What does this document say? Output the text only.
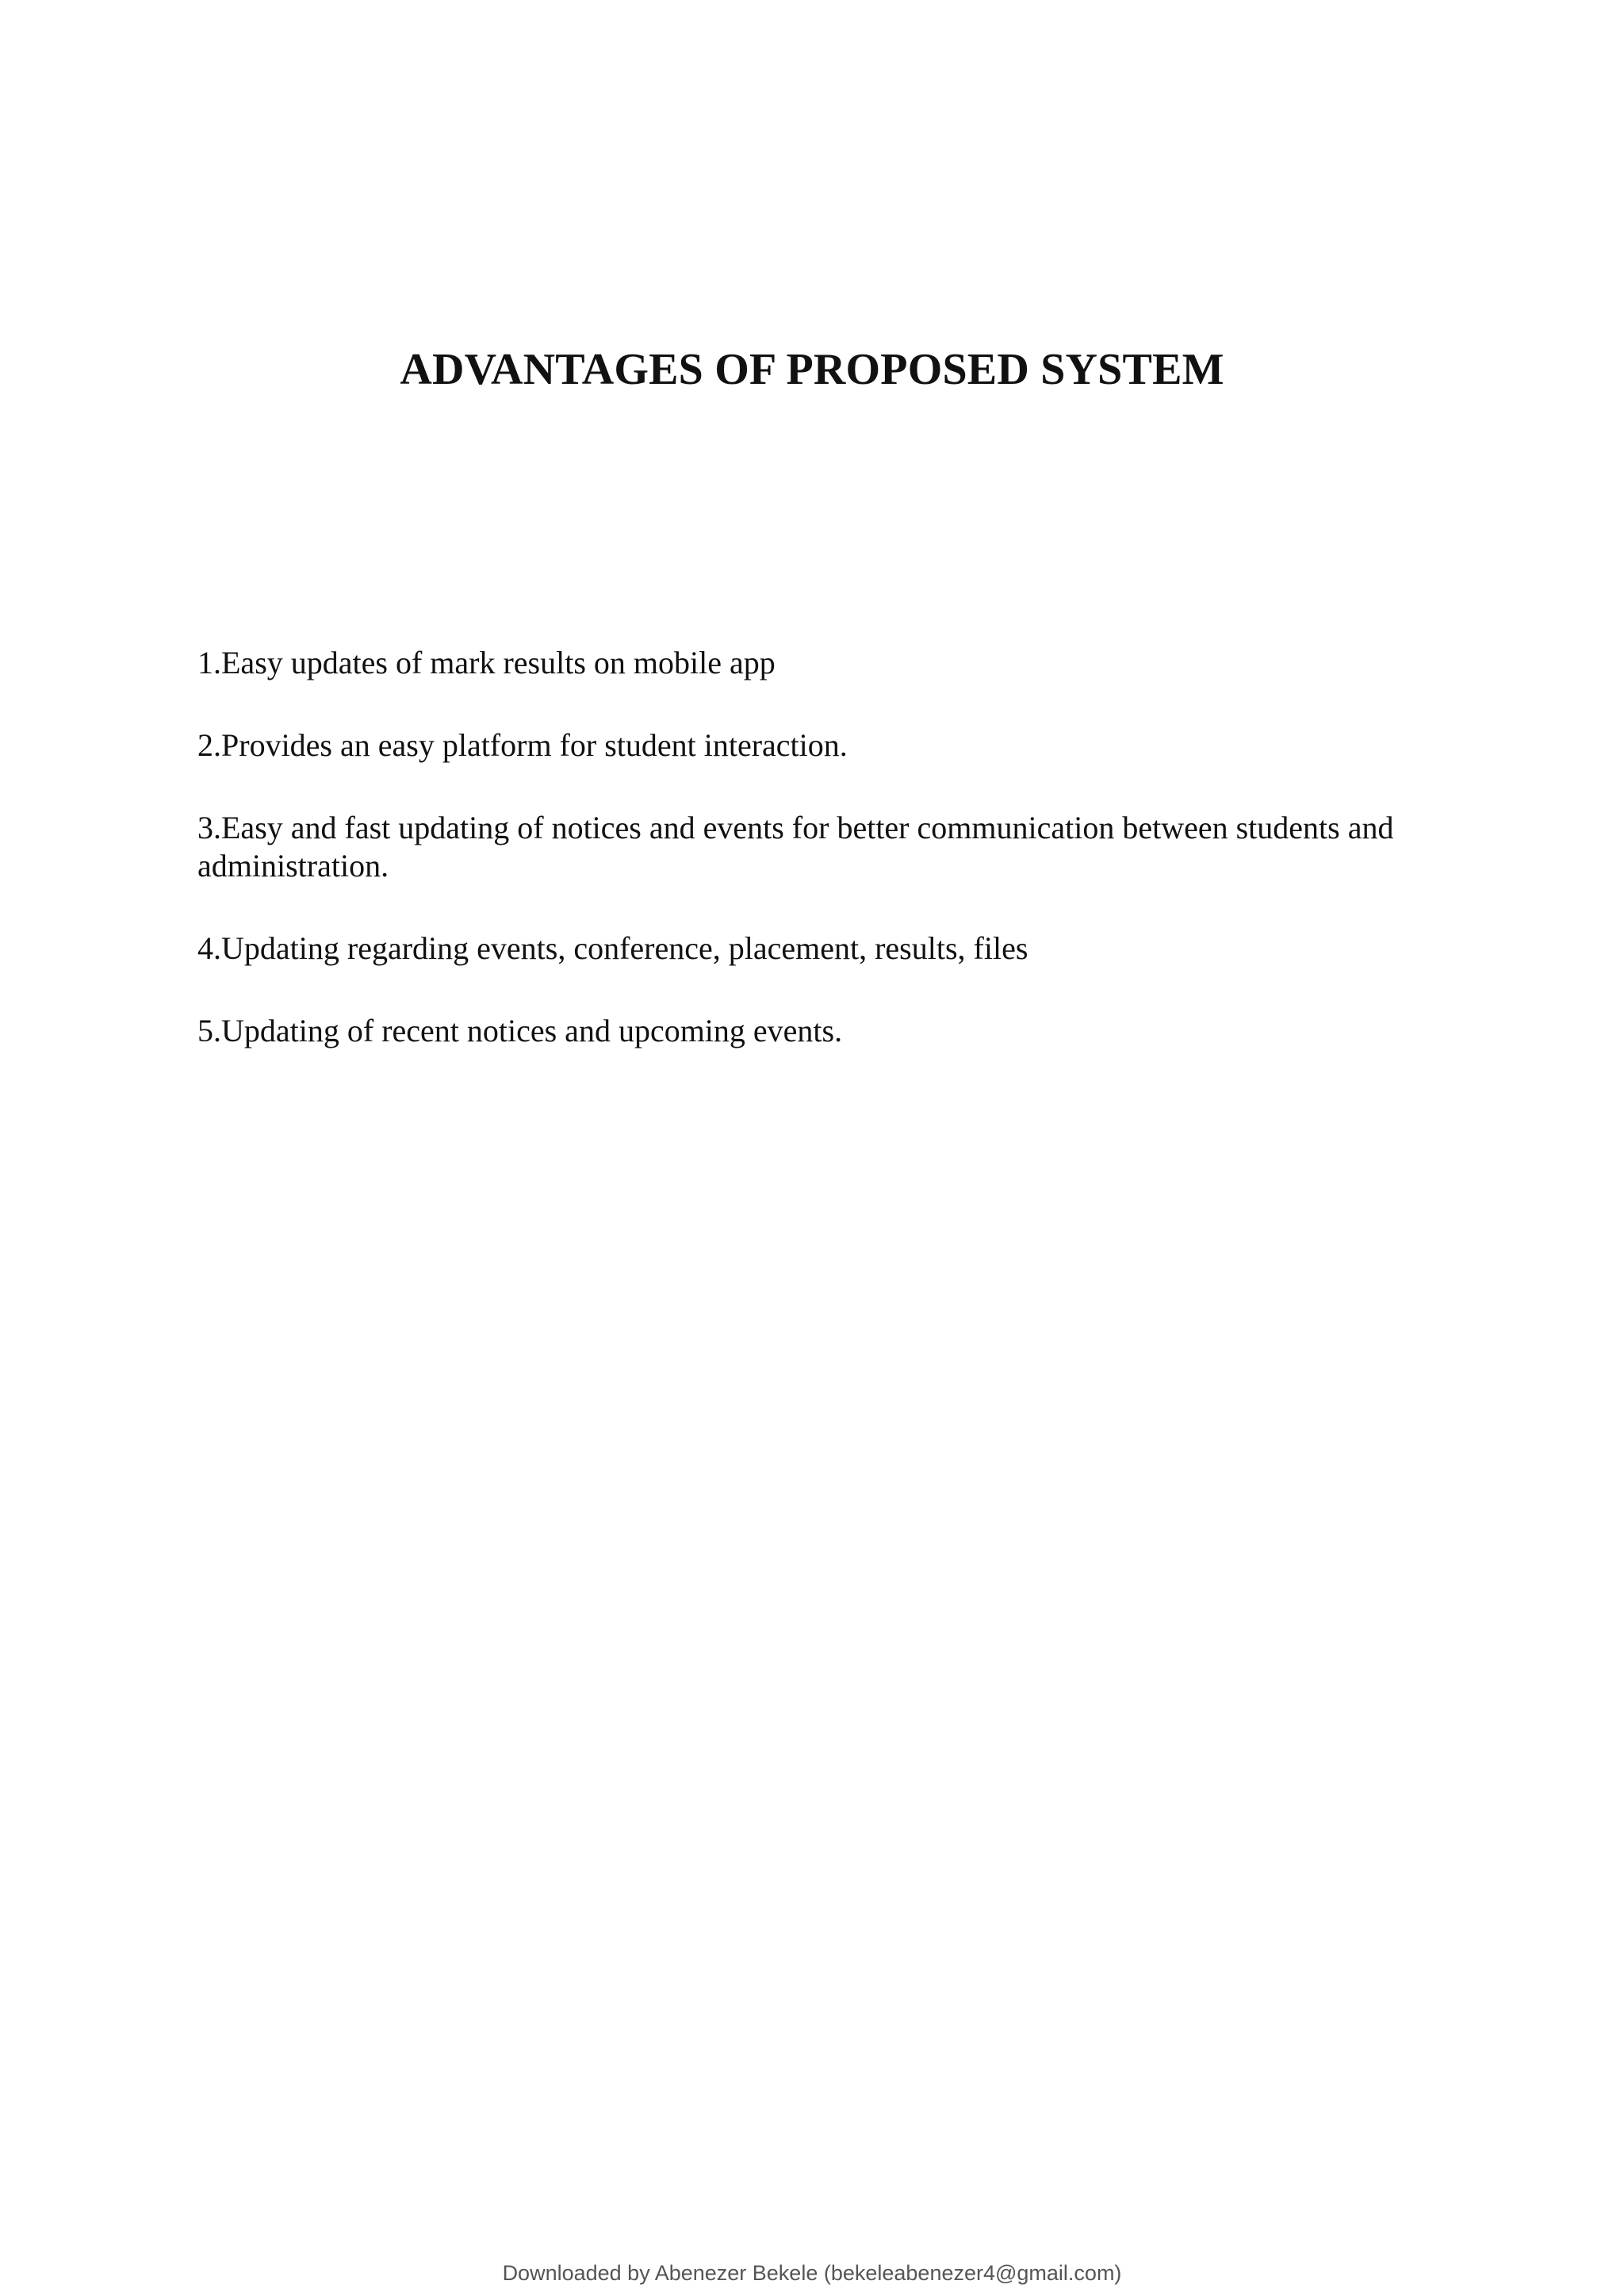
ADVANTAGES OF PROPOSED SYSTEM
1.Easy updates of mark results on mobile app
2.Provides an easy platform for student interaction.
3.Easy and fast updating of notices and events for better communication between students and administration.
4.Updating regarding events, conference, placement, results, files
5.Updating of recent notices and upcoming events.
Downloaded by Abenezer Bekele (bekeleabenezer4@gmail.com)
